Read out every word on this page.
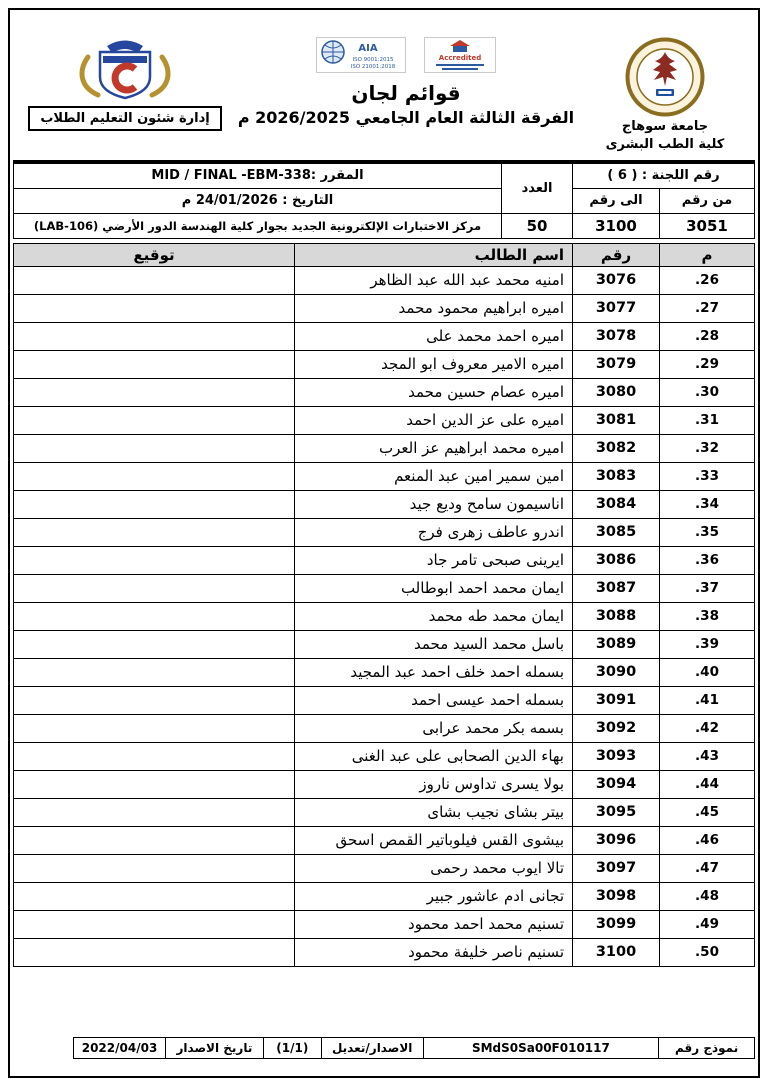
جامعة سوهاج
كلية الطب البشرى
Accredited
AIA
ISO 9001:2015
ISO 21001:2018
قوائم لجان
الفرقة الثالثة العام الجامعي 2026/2025 م
إدارة شئون التعليم الطلاب
رقم اللجنة : ( 6 )		العدد	المقرر :MID / FINAL -EBM-338
من رقم	الى رقم		التاريخ : 24/01/2026 م
3051	3100	50	مركز الاختبارات الإلكترونية الجديد بجوار كلية الهندسة الدور الأرضي (LAB-106)
م	رقم	اسم الطالب	توقيع
26.	3076	امنيه محمد عبد الله عبد الظاهر	
27.	3077	اميره ابراهيم محمود محمد	
28.	3078	اميره احمد محمد على	
29.	3079	اميره الامير معروف ابو المجد	
30.	3080	اميره عصام حسين محمد	
31.	3081	اميره على عز الدين احمد	
32.	3082	اميره محمد ابراهيم عز العرب	
33.	3083	امين سمير امين عبد المنعم	
34.	3084	اناسيمون سامح وديع جيد	
35.	3085	اندرو عاطف زهرى فرج	
36.	3086	ايرينى صبحى تامر جاد	
37.	3087	ايمان محمد احمد ابوطالب	
38.	3088	ايمان محمد طه محمد	
39.	3089	باسل محمد السيد محمد	
40.	3090	بسمله احمد خلف احمد عبد المجيد	
41.	3091	بسمله احمد عيسى احمد	
42.	3092	بسمه بكر محمد عرابى	
43.	3093	بهاء الدين الصحابى على عبد الغنى	
44.	3094	بولا يسرى تداوس ناروز	
45.	3095	بيتر بشاى نجيب بشاى	
46.	3096	بيشوى القس فيلوباتير القمص اسحق	
47.	3097	تالا ايوب محمد رحمى	
48.	3098	تجانى ادم عاشور جبير	
49.	3099	تسنيم محمد احمد محمود	
50.	3100	تسنيم ناصر خليفة محمود	
نموذج رقم	SMdS0Sa00F010117	الاصدار/تعديل	(1/1)	تاريخ الاصدار	2022/04/03
